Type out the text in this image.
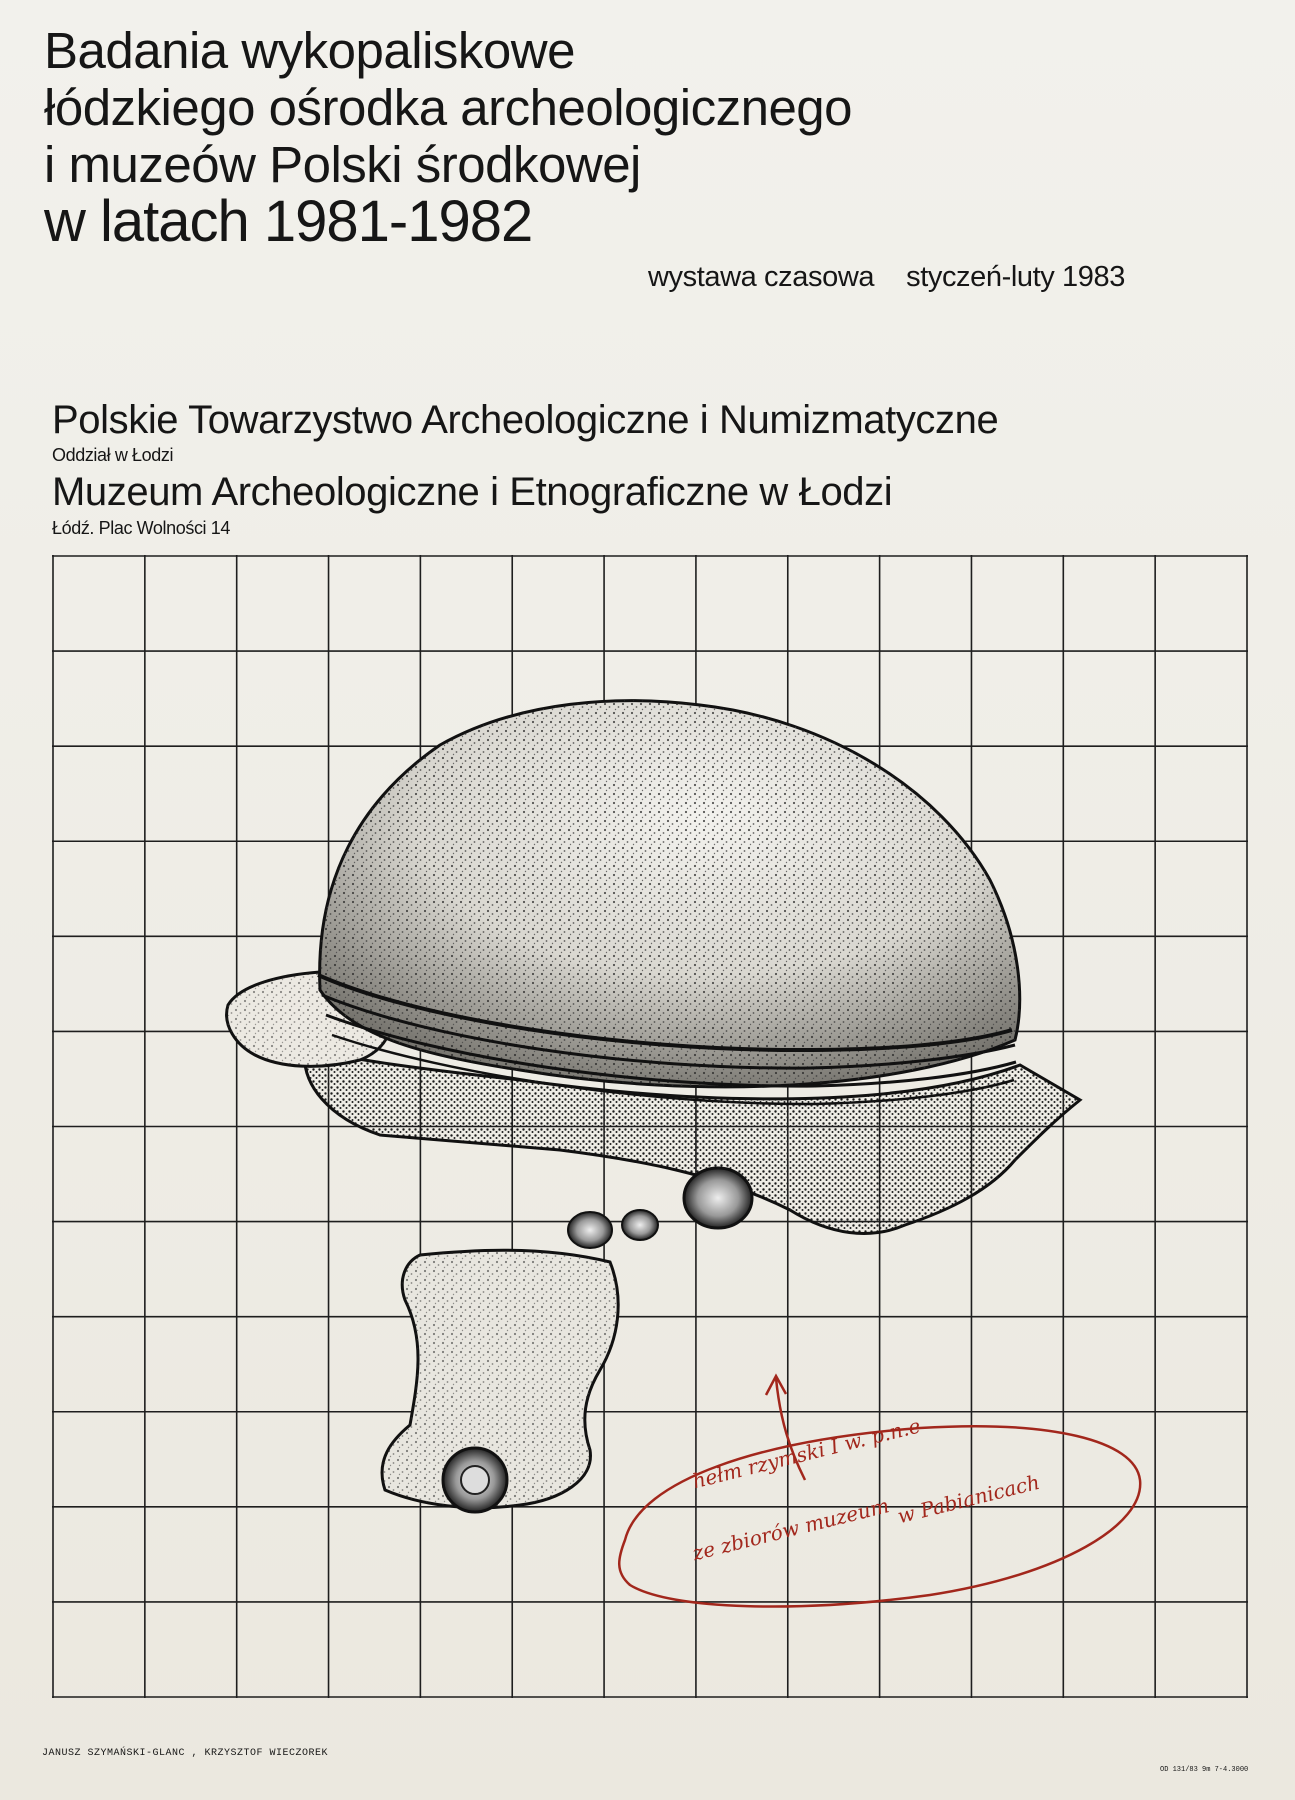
Badania wykopaliskowe
łódzkiego ośrodka archeologicznego
i muzeów Polski środkowej
w latach 1981-1982
wystawa czasowa styczeń-luty 1983
Polskie Towarzystwo Archeologiczne i Numizmatyczne
Oddział w Łodzi
Muzeum Archeologiczne i Etnograficzne w Łodzi
Łódź. Plac Wolności 14
hełm rzymski I w. p.n.e
ze zbiorów muzeum w Pabianicach
JANUSZ SZYMAŃSKI-GLANC , KRZYSZTOF WIECZOREK
OD 131/83 9m 7-4.3000
